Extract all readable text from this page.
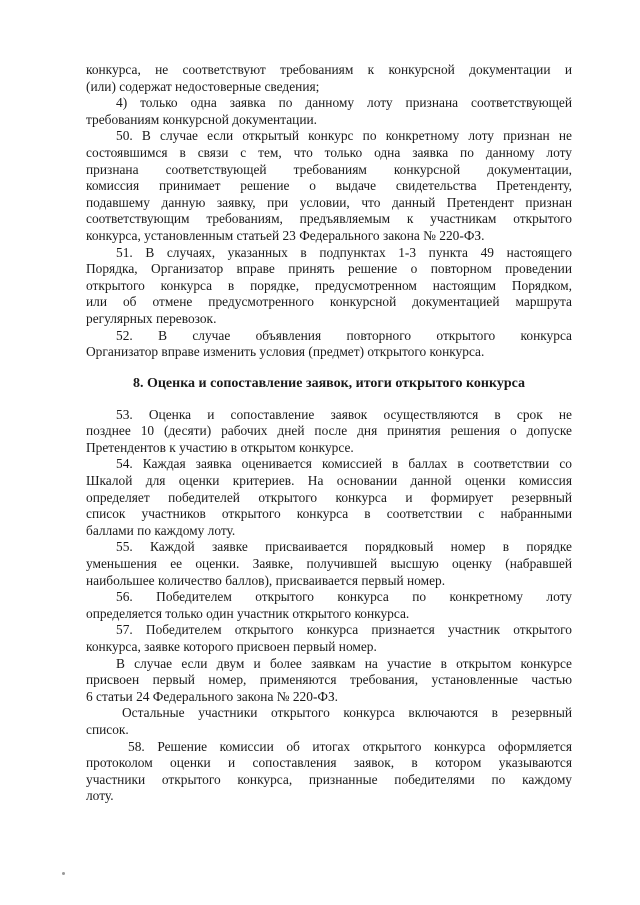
конкурса, не соответствуют требованиям к конкурсной документации и
(или) содержат недостоверные сведения;
4) только одна заявка по данному лоту признана соответствующей
требованиям конкурсной документации.
50. В случае если открытый конкурс по конкретному лоту признан не
состоявшимся в связи с тем, что только одна заявка по данному лоту
признана соответствующей требованиям конкурсной документации,
комиссия принимает решение о выдаче свидетельства Претенденту,
подавшему данную заявку, при условии, что данный Претендент признан
соответствующим требованиям, предъявляемым к участникам открытого
конкурса, установленным статьей 23 Федерального закона № 220-ФЗ.
51. В случаях, указанных в подпунктах 1-3 пункта 49 настоящего
Порядка, Организатор вправе принять решение о повторном проведении
открытого конкурса в порядке, предусмотренном настоящим Порядком,
или об отмене предусмотренного конкурсной документацией маршрута
регулярных перевозок.
52. В случае объявления повторного открытого конкурса
Организатор вправе изменить условия (предмет) открытого конкурса.
8. Оценка и сопоставление заявок, итоги открытого конкурса
53. Оценка и сопоставление заявок осуществляются в срок не
позднее 10 (десяти) рабочих дней после дня принятия решения о допуске
Претендентов к участию в открытом конкурсе.
54. Каждая заявка оценивается комиссией в баллах в соответствии со
Шкалой для оценки критериев. На основании данной оценки комиссия
определяет победителей открытого конкурса и формирует резервный
список участников открытого конкурса в соответствии с набранными
баллами по каждому лоту.
55. Каждой заявке присваивается порядковый номер в порядке
уменьшения ее оценки. Заявке, получившей высшую оценку (набравшей
наибольшее количество баллов), присваивается первый номер.
56. Победителем открытого конкурса по конкретному лоту
определяется только один участник открытого конкурса.
57. Победителем открытого конкурса признается участник открытого
конкурса, заявке которого присвоен первый номер.
В случае если двум и более заявкам на участие в открытом конкурсе
присвоен первый номер, применяются требования, установленные частью
6 статьи 24 Федерального закона № 220-ФЗ.
Остальные участники открытого конкурса включаются в резервный
список.
58. Решение комиссии об итогах открытого конкурса оформляется
протоколом оценки и сопоставления заявок, в котором указываются
участники открытого конкурса, признанные победителями по каждому
лоту.
